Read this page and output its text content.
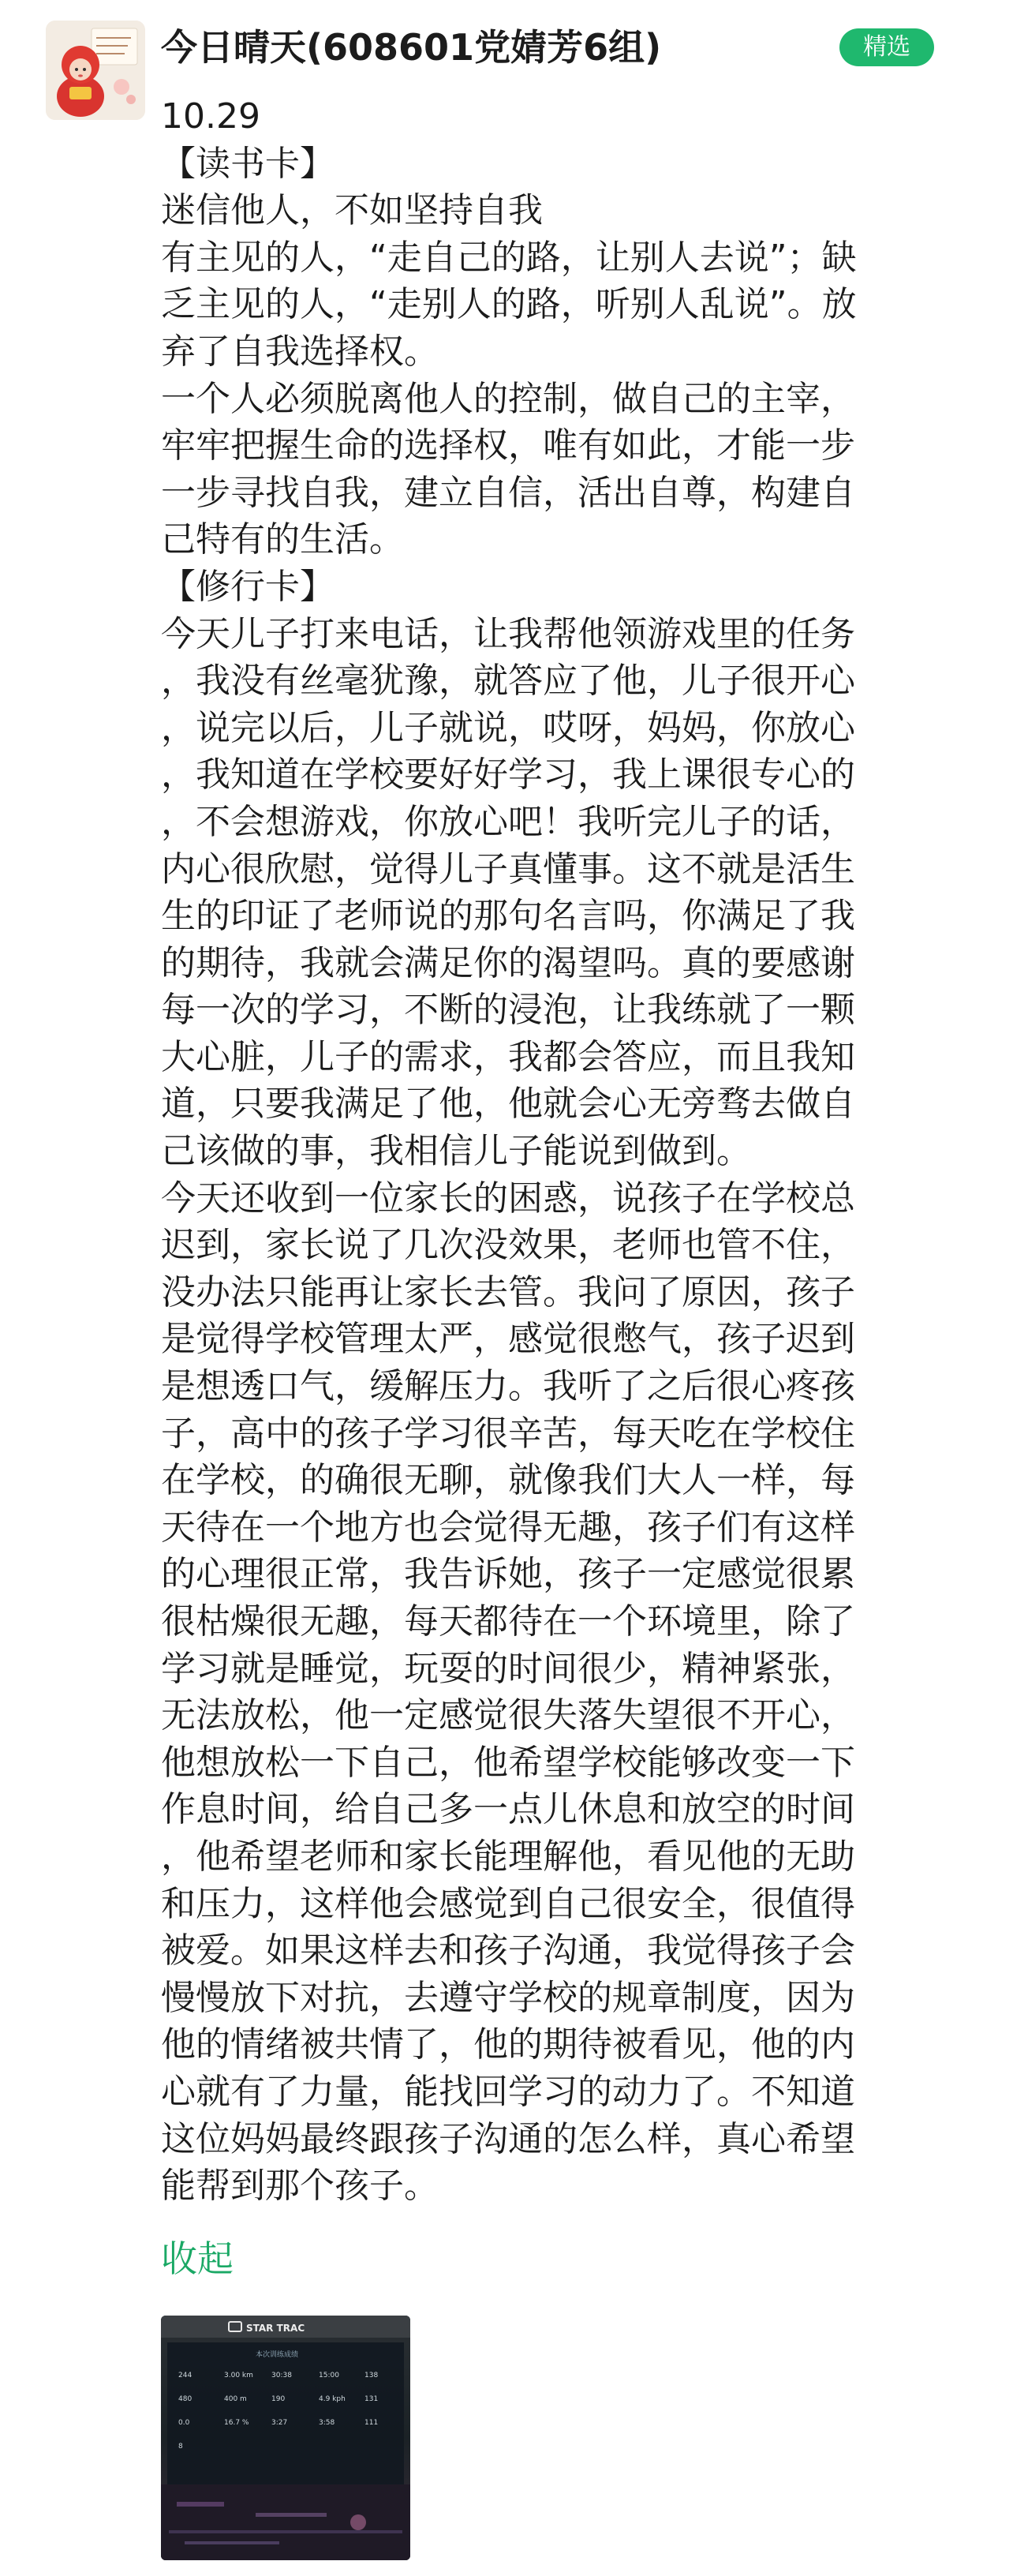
今日晴天(608601党婧芳6组)	精选
10.29
【读书卡】
迷信他人，不如坚持自我
有主见的人，“走自己的路，让别人去说”；缺
乏主见的人，“走别人的路，听别人乱说”。放
弃了自我选择权。
一个人必须脱离他人的控制，做自己的主宰，
牢牢把握生命的选择权，唯有如此，才能一步
一步寻找自我，建立自信，活出自尊，构建自
己特有的生活。
【修行卡】
今天儿子打来电话，让我帮他领游戏里的任务
，我没有丝毫犹豫，就答应了他，儿子很开心
，说完以后，儿子就说，哎呀，妈妈，你放心
，我知道在学校要好好学习，我上课很专心的
，不会想游戏，你放心吧！我听完儿子的话，
内心很欣慰，觉得儿子真懂事。这不就是活生
生的印证了老师说的那句名言吗，你满足了我
的期待，我就会满足你的渴望吗。真的要感谢
每一次的学习，不断的浸泡，让我练就了一颗
大心脏，儿子的需求，我都会答应，而且我知
道，只要我满足了他，他就会心无旁骛去做自
己该做的事，我相信儿子能说到做到。
今天还收到一位家长的困惑，说孩子在学校总
迟到，家长说了几次没效果，老师也管不住，
没办法只能再让家长去管。我问了原因，孩子
是觉得学校管理太严，感觉很憋气，孩子迟到
是想透口气，缓解压力。我听了之后很心疼孩
子，高中的孩子学习很辛苦，每天吃在学校住
在学校，的确很无聊，就像我们大人一样，每
天待在一个地方也会觉得无趣，孩子们有这样
的心理很正常，我告诉她，孩子一定感觉很累
很枯燥很无趣，每天都待在一个环境里，除了
学习就是睡觉，玩耍的时间很少，精神紧张，
无法放松，他一定感觉很失落失望很不开心，
他想放松一下自己，他希望学校能够改变一下
作息时间，给自己多一点儿休息和放空的时间
，他希望老师和家长能理解他，看见他的无助
和压力，这样他会感觉到自己很安全，很值得
被爱。如果这样去和孩子沟通，我觉得孩子会
慢慢放下对抗，去遵守学校的规章制度，因为
他的情绪被共情了，他的期待被看见，他的内
心就有了力量，能找回学习的动力了。不知道
这位妈妈最终跟孩子沟通的怎么样，真心希望
能帮到那个孩子。
收起
STAR TRAC
本次训练成绩
244	3.00 km	30:38	15:00	138
480	400 m	190	4.9 kph	131
0.0	16.7 %	3:27	3:58	111
8
